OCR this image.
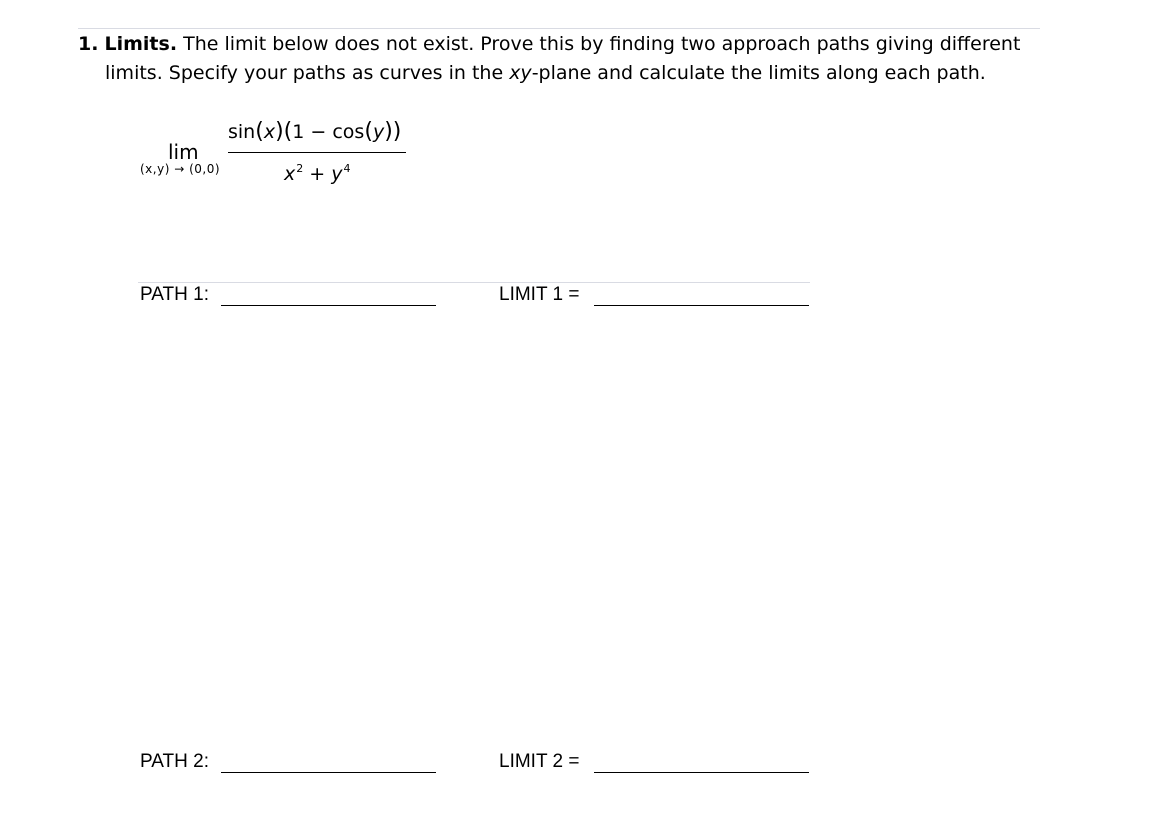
1. Limits. The limit below does not exist. Prove this by finding two approach paths giving different
limits. Specify your paths as curves in the xy-plane and calculate the limits along each path.
lim
(x,y) → (0,0)
sin(x)(1 − cos(y))
$x^2 + y^4$
PATH 1:	LIMIT 1 =
PATH 2:	LIMIT 2 =
